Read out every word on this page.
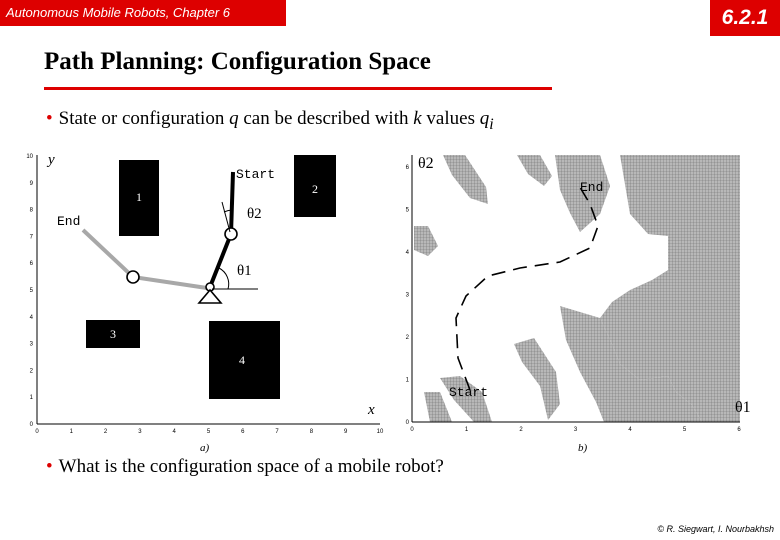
Autonomous Mobile Robots, Chapter 6	6.2.1
Path Planning: Configuration Space
• State or configuration q can be described with k values $q_i$
0	1	2	3	4	5	6	7	8	9	10
0
1
2
3
4
5
6
7
8
9
10 y
x
a)
1
2
3
4
End
θ1
θ2
Start
0	1	2	3	4	5	6
0
1
2
3
4
5
6 θ2
θ1
b)
Start
End
• What is the configuration space of a mobile robot?
© R. Siegwart, I. Nourbakhsh
